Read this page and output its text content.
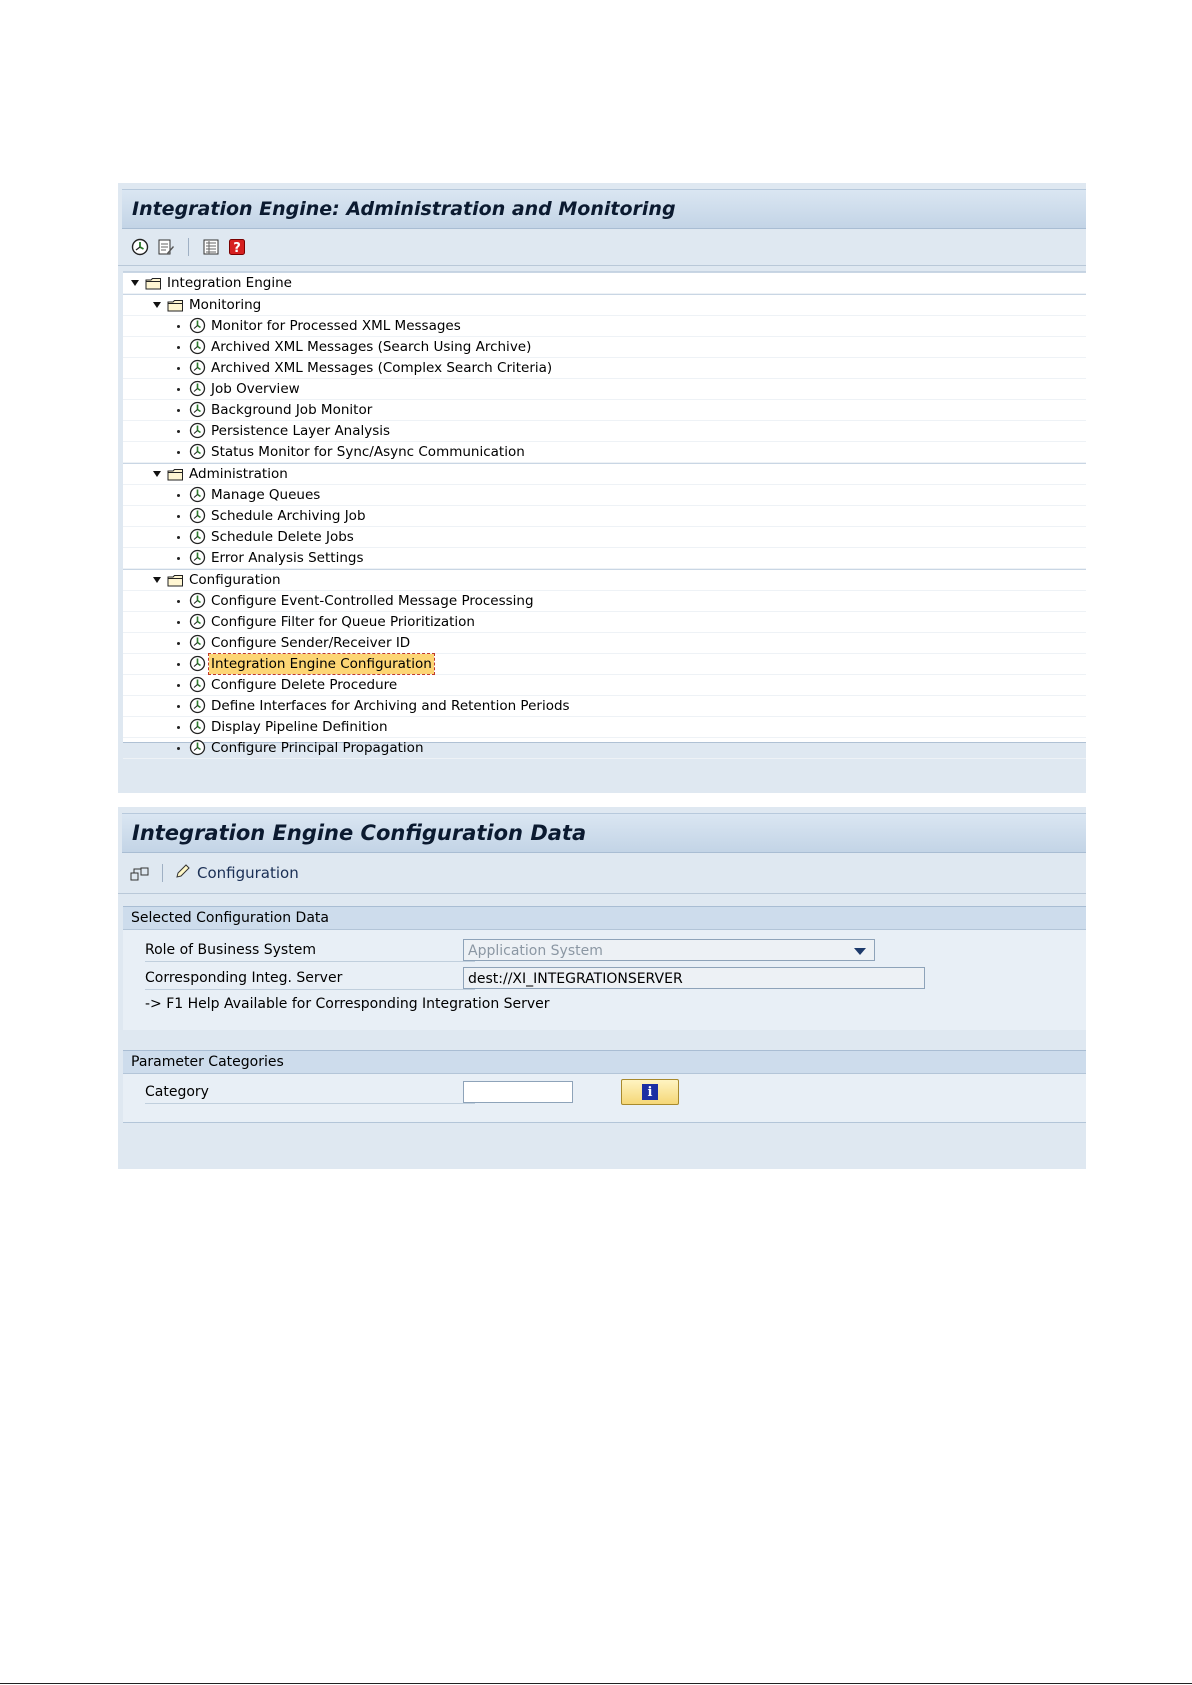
Integration Engine: Administration and Monitoring
?
Integration Engine
Monitoring
Monitor for Processed XML Messages
Archived XML Messages (Search Using Archive)
Archived XML Messages (Complex Search Criteria)
Job Overview
Background Job Monitor
Persistence Layer Analysis
Status Monitor for Sync/Async Communication
Administration
Manage Queues
Schedule Archiving Job
Schedule Delete Jobs
Error Analysis Settings
Configuration
Configure Event-Controlled Message Processing
Configure Filter for Queue Prioritization
Configure Sender/Receiver ID
Integration Engine Configuration
Configure Delete Procedure
Define Interfaces for Archiving and Retention Periods
Display Pipeline Definition
Configure Principal Propagation
Integration Engine Configuration Data
Configuration
Selected Configuration Data
Role of Business System	Application System
Corresponding Integ. Server	dest://XI_INTEGRATIONSERVER
-> F1 Help Available for Corresponding Integration Server
Parameter Categories
Category	i
